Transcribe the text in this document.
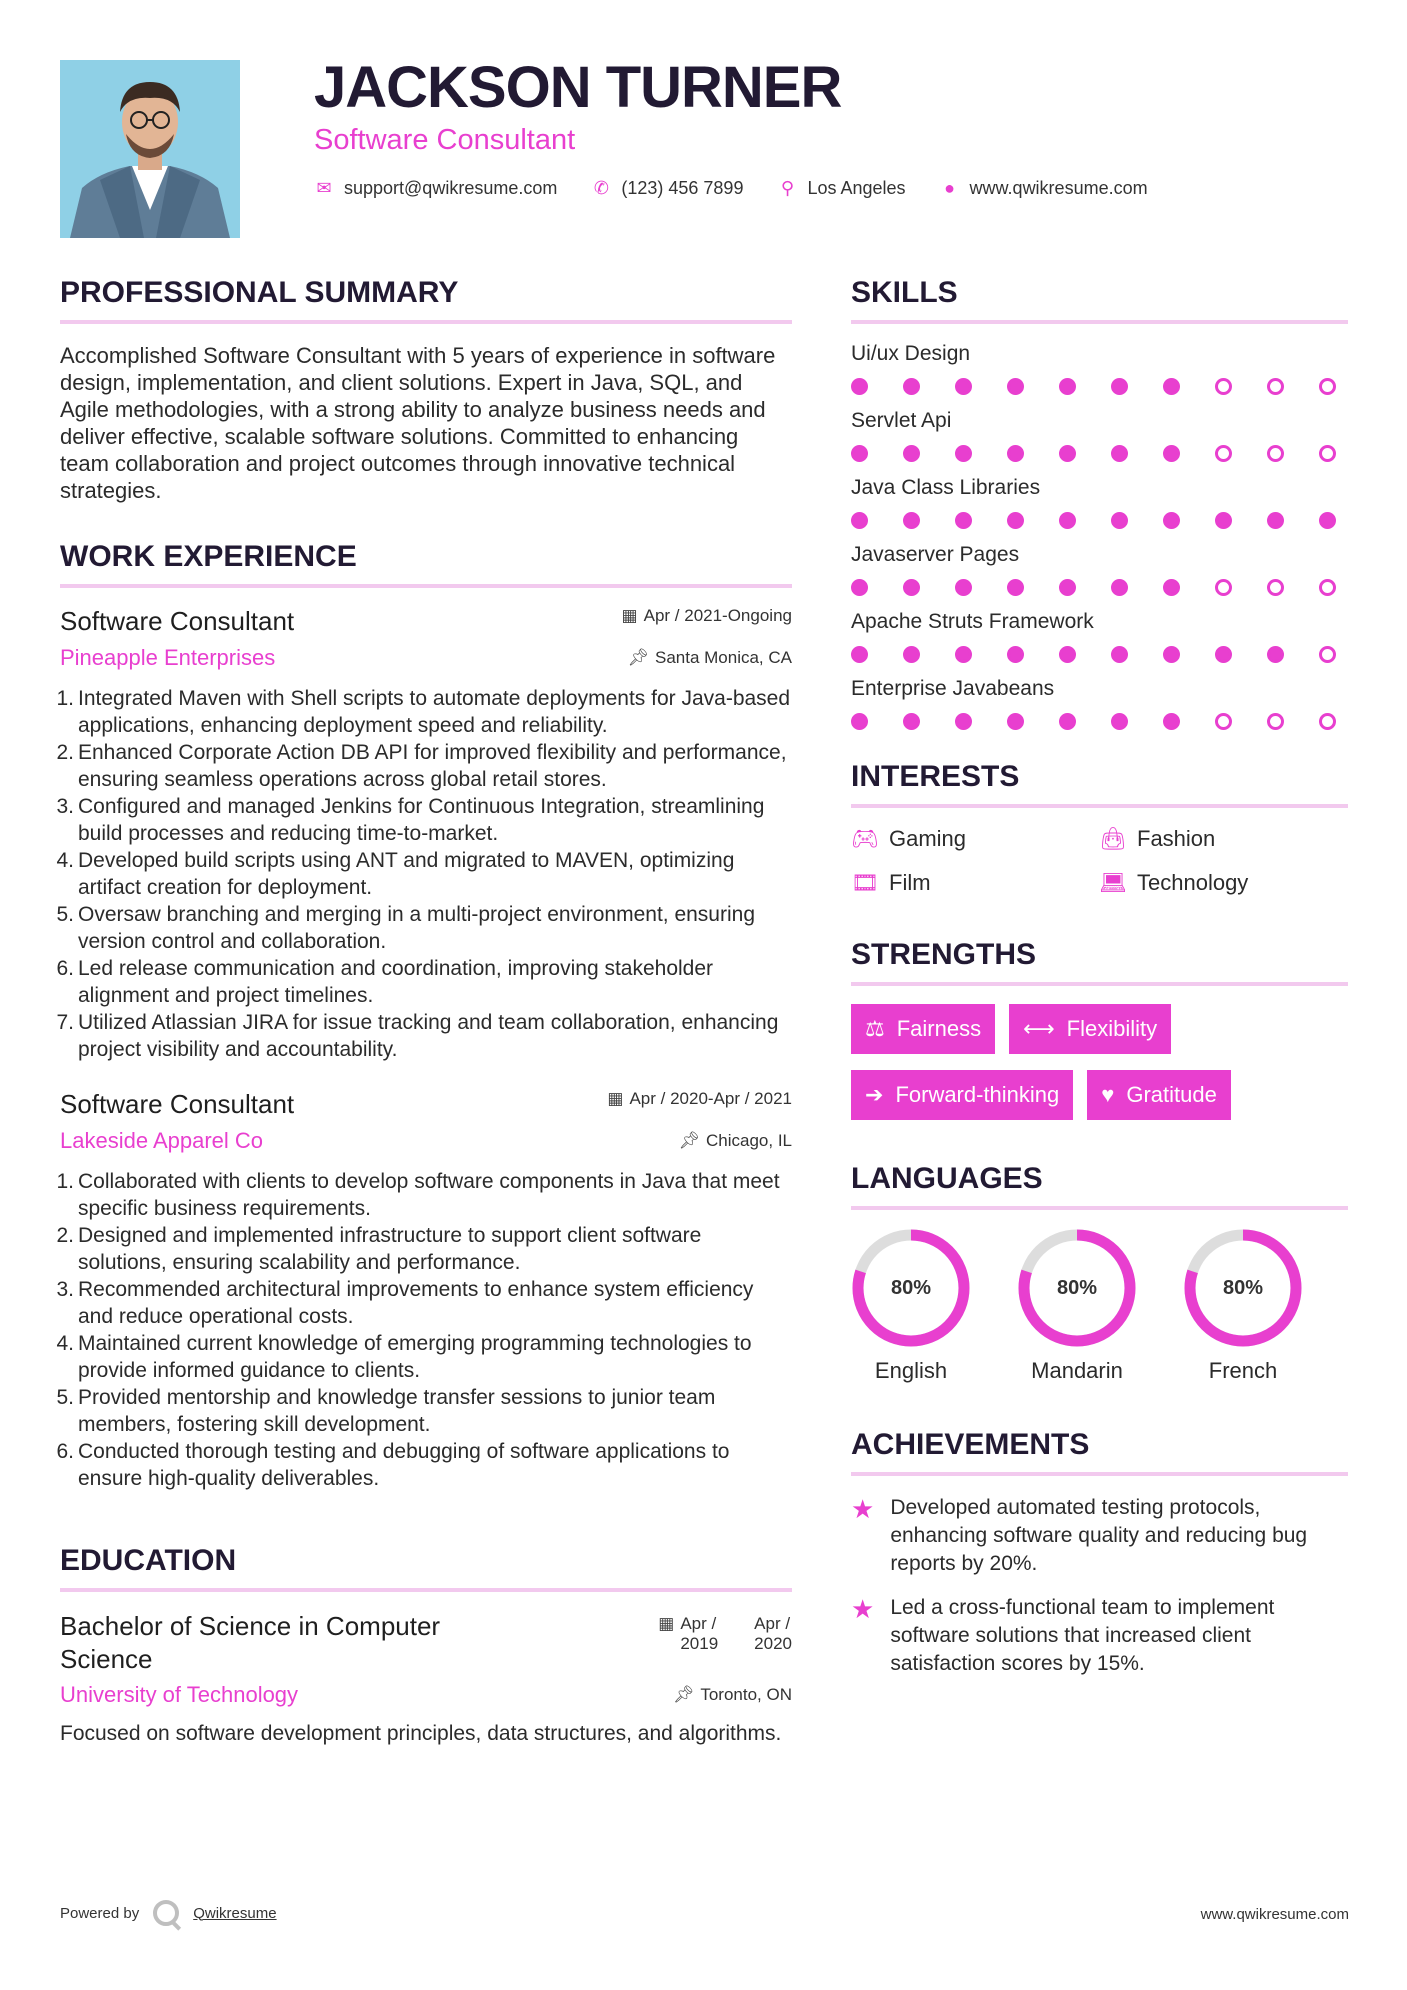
JACKSON TURNER
Software Consultant
✉ support@qwikresume.com ✆ (123) 456 7899 ⚲ Los Angeles ● www.qwikresume.com
PROFESSIONAL SUMMARY

Accomplished Software Consultant with 5 years of experience in software design, implementation, and client solutions. Expert in Java, SQL, and Agile methodologies, with a strong ability to analyze business needs and deliver effective, scalable software solutions. Committed to enhancing team collaboration and project outcomes through innovative technical strategies.

WORK EXPERIENCE
Software Consultant	▦ Apr / 2021-Ongoing
Pineapple Enterprises	📌︎ Santa Monica, CA
1. Integrated Maven with Shell scripts to automate deployments for Java-based applications, enhancing deployment speed and reliability.
2. Enhanced Corporate Action DB API for improved flexibility and performance, ensuring seamless operations across global retail stores.
3. Configured and managed Jenkins for Continuous Integration, streamlining build processes and reducing time-to-market.
4. Developed build scripts using ANT and migrated to MAVEN, optimizing artifact creation for deployment.
5. Oversaw branching and merging in a multi-project environment, ensuring version control and collaboration.
6. Led release communication and coordination, improving stakeholder alignment and project timelines.
7. Utilized Atlassian JIRA for issue tracking and team collaboration, enhancing project visibility and accountability.
Software Consultant	▦ Apr / 2020-Apr / 2021
Lakeside Apparel Co	📌︎ Chicago, IL
1. Collaborated with clients to develop software components in Java that meet specific business requirements.
2. Designed and implemented infrastructure to support client software solutions, ensuring scalability and performance.
3. Recommended architectural improvements to enhance system efficiency and reduce operational costs.
4. Maintained current knowledge of emerging programming technologies to provide informed guidance to clients.
5. Provided mentorship and knowledge transfer sessions to junior team members, fostering skill development.
6. Conducted thorough testing and debugging of software applications to ensure high-quality deliverables.
EDUCATION
Bachelor of Science in Computer Science
▦ Apr /
2019
Apr /
2020
University of Technology	📌︎ Toronto, ON

Focused on software development principles, data structures, and algorithms.

SKILLS
Ui/ux Design
Servlet Api
Java Class Libraries
Javaserver Pages
Apache Struts Framework
Enterprise Javabeans
INTERESTS
🎮︎ Gaming	👜︎ Fashion
🎞︎ Film	💻︎ Technology
STRENGTHS
⚖ Fairness ⟷ Flexibility
➔ Forward-thinking ♥ Gratitude
LANGUAGES
80%
English
80%
Mandarin
80%
French
ACHIEVEMENTS
★ Developed automated testing protocols, enhancing software quality and reducing bug reports by 20%.
★ Led a cross-functional team to implement software solutions that increased client satisfaction scores by 15%.
Powered by	Qwikresume	www.qwikresume.com
